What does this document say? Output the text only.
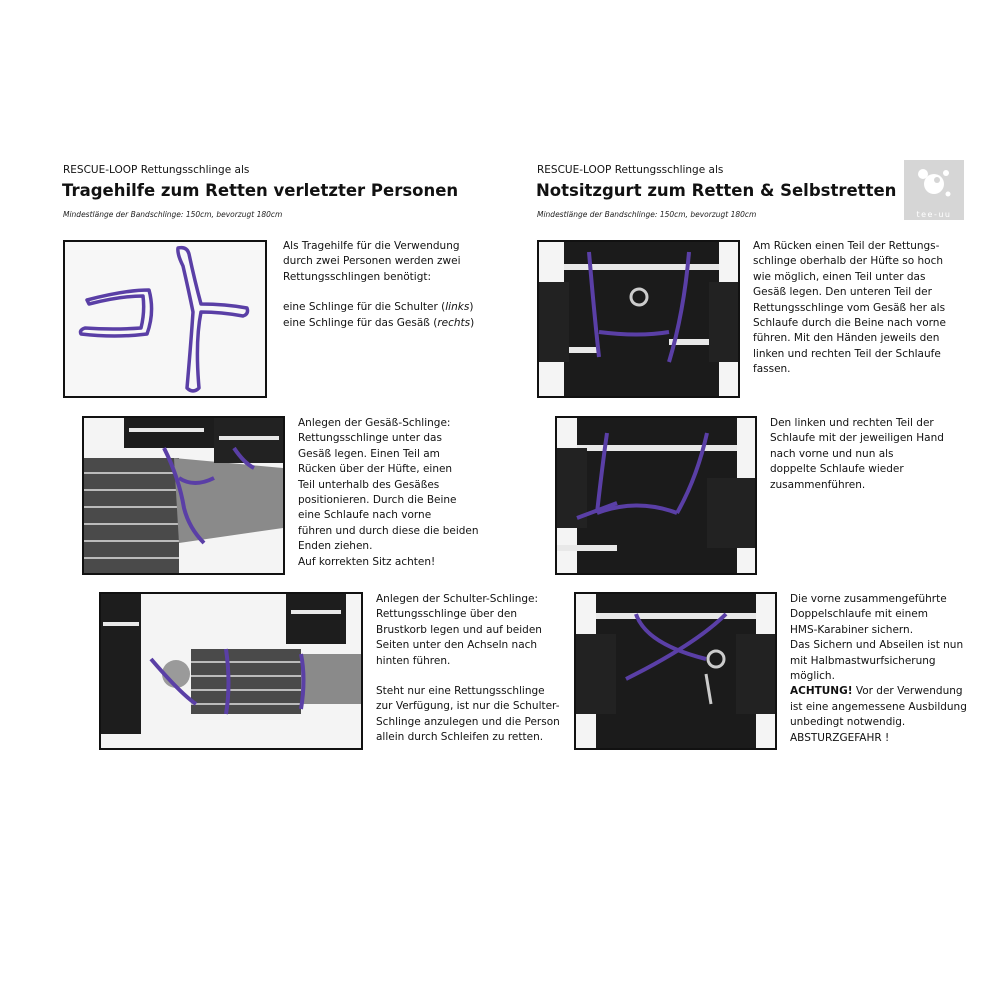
RESCUE-LOOP Rettungsschlinge als
Tragehilfe zum Retten verletzter Personen
Mindestlänge der Bandschlinge: 150cm, bevorzugt 180cm

Als Tragehilfe für die Verwendung

durch zwei Personen werden zwei

Rettungsschlingen benötigt:

eine Schlinge für die Schulter (links)

eine Schlinge für das Gesäß (rechts)

Anlegen der Gesäß-Schlinge:

Rettungsschlinge unter das

Gesäß legen. Einen Teil am

Rücken über der Hüfte, einen

Teil unterhalb des Gesäßes

positionieren. Durch die Beine

eine Schlaufe nach vorne

führen und durch diese die beiden

Enden ziehen.

Auf korrekten Sitz achten!

Anlegen der Schulter-Schlinge:

Rettungsschlinge über den

Brustkorb legen und auf beiden

Seiten unter den Achseln nach

hinten führen.

Steht nur eine Rettungsschlinge

zur Verfügung, ist nur die Schulter-

Schlinge anzulegen und die Person

allein durch Schleifen zu retten.

RESCUE-LOOP Rettungsschlinge als
Notsitzgurt zum Retten & Selbstretten
Mindestlänge der Bandschlinge: 150cm, bevorzugt 180cm	tee-uu

Am Rücken einen Teil der Rettungs-

schlinge oberhalb der Hüfte so hoch

wie möglich, einen Teil unter das

Gesäß legen. Den unteren Teil der

Rettungsschlinge vom Gesäß her als

Schlaufe durch die Beine nach vorne

führen. Mit den Händen jeweils den

linken und rechten Teil der Schlaufe

fassen.

Den linken und rechten Teil der

Schlaufe mit der jeweiligen Hand

nach vorne und nun als

doppelte Schlaufe wieder

zusammenführen.

Die vorne zusammengeführte

Doppelschlaufe mit einem

HMS-Karabiner sichern.

Das Sichern und Abseilen ist nun

mit Halbmastwurfsicherung

möglich.

ACHTUNG! Vor der Verwendung

ist eine angemessene Ausbildung

unbedingt notwendig.

ABSTURZGEFAHR !
